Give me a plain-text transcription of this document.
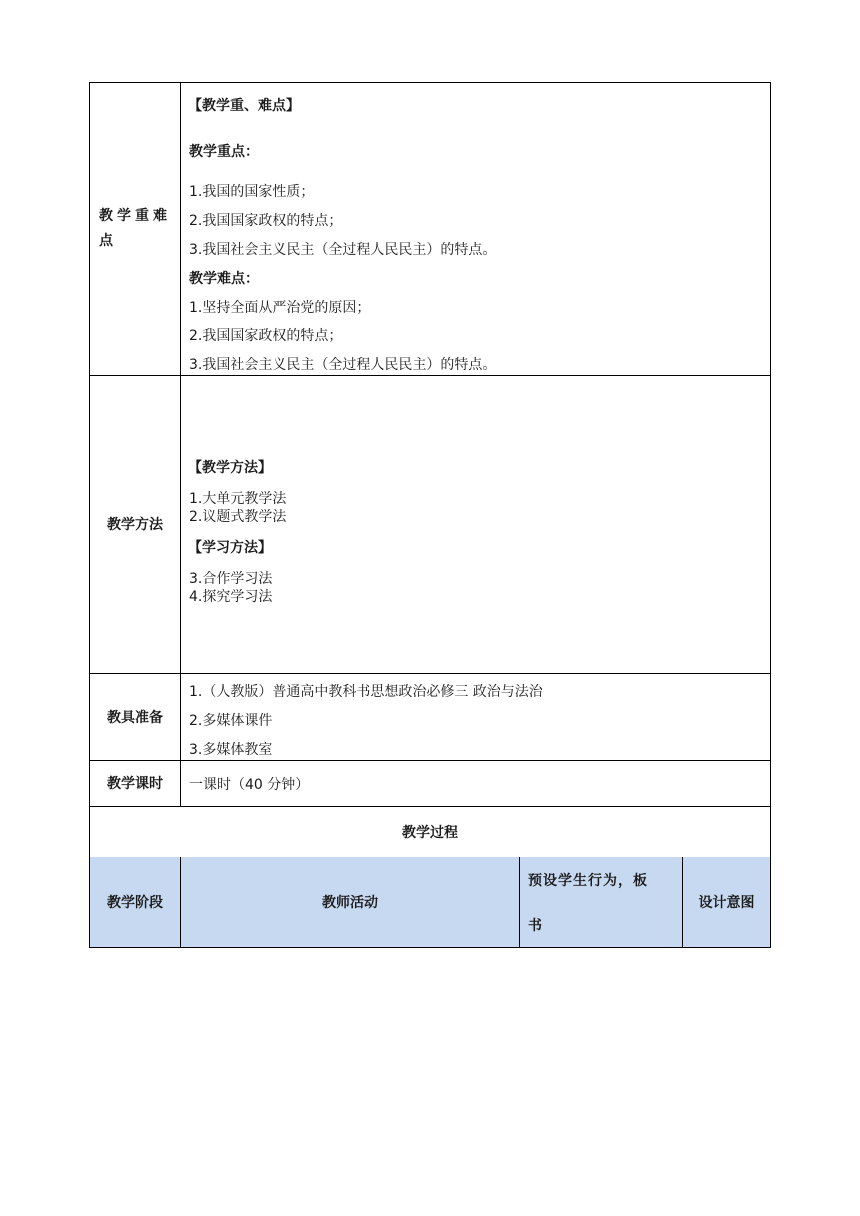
教学重难点
【教学重、难点】
教学重点：
1.我国的国家性质；
2.我国国家政权的特点；
3.我国社会主义民主（全过程人民民主）的特点。
教学难点：
1.坚持全面从严治党的原因；
2.我国国家政权的特点；
3.我国社会主义民主（全过程人民民主）的特点。
教学方法
【教学方法】
1.大单元教学法
2.议题式教学法
【学习方法】
3.合作学习法
4.探究学习法
教具准备
1.（人教版）普通高中教科书思想政治必修三 政治与法治
2.多媒体课件
3.多媒体教室
教学课时 一课时（40 分钟）
教学过程
教学阶段	教师活动
预设学生行为，板
书
设计意图
